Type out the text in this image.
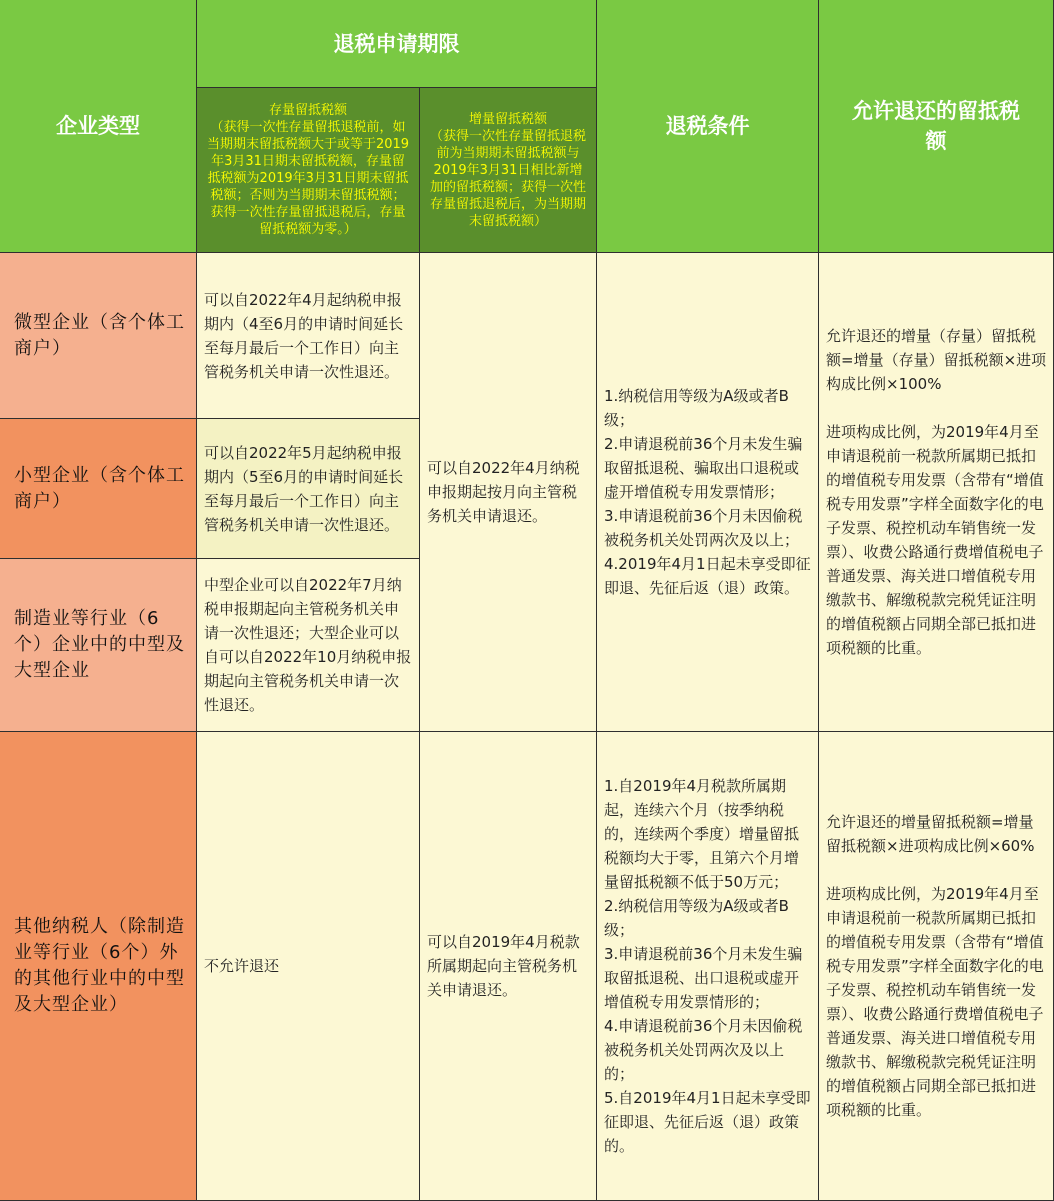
企业类型
退税申请期限
存量留抵税额
（获得一次性存量留抵退税前，如当期期末留抵税额大于或等于2019年3月31日期末留抵税额，存量留抵税额为2019年3月31日期末留抵税额；否则为当期期末留抵税额；获得一次性存量留抵退税后，存量留抵税额为零。）
增量留抵税额
（获得一次性存量留抵退税前为当期期末留抵税额与2019年3月31日相比新增加的留抵税额；获得一次性存量留抵退税后，为当期期末留抵税额）
退税条件
允许退还的留抵税额
微型企业（含个体工商户）
可以自2022年4月起纳税申报期内（4至6月的申请时间延长至每月最后一个工作日）向主管税务机关申请一次性退还。
小型企业（含个体工商户）
可以自2022年5月起纳税申报期内（5至6月的申请时间延长至每月最后一个工作日）向主管税务机关申请一次性退还。
制造业等行业（6个）企业中的中型及大型企业
中型企业可以自2022年7月纳税申报期起向主管税务机关申请一次性退还；大型企业可以自可以自2022年10月纳税申报期起向主管税务机关申请一次性退还。
可以自2022年4月纳税申报期起按月向主管税务机关申请退还。
1.纳税信用等级为A级或者B级；
2.申请退税前36个月未发生骗取留抵退税、骗取出口退税或虚开增值税专用发票情形；
3.申请退税前36个月未因偷税被税务机关处罚两次及以上；
4.2019年4月1日起未享受即征即退、先征后返（退）政策。
允许退还的增量（存量）留抵税额=增量（存量）留抵税额×进项构成比例×100%

进项构成比例，为2019年4月至申请退税前一税款所属期已抵扣的增值税专用发票（含带有“增值税专用发票”字样全面数字化的电子发票、税控机动车销售统一发票）、收费公路通行费增值税电子普通发票、海关进口增值税专用缴款书、解缴税款完税凭证注明的增值税额占同期全部已抵扣进项税额的比重。
其他纳税人（除制造业等行业（6个）外的其他行业中的中型及大型企业）
不允许退还
可以自2019年4月税款所属期起向主管税务机关申请退还。
1.自2019年4月税款所属期起，连续六个月（按季纳税的，连续两个季度）增量留抵税额均大于零，且第六个月增量留抵税额不低于50万元；
2.纳税信用等级为A级或者B级；
3.申请退税前36个月未发生骗取留抵退税、出口退税或虚开增值税专用发票情形的；
4.申请退税前36个月未因偷税被税务机关处罚两次及以上的；
5.自2019年4月1日起未享受即征即退、先征后返（退）政策的。
允许退还的增量留抵税额=增量留抵税额×进项构成比例×60%

进项构成比例，为2019年4月至申请退税前一税款所属期已抵扣的增值税专用发票（含带有“增值税专用发票”字样全面数字化的电子发票、税控机动车销售统一发票）、收费公路通行费增值税电子普通发票、海关进口增值税专用缴款书、解缴税款完税凭证注明的增值税额占同期全部已抵扣进项税额的比重。
